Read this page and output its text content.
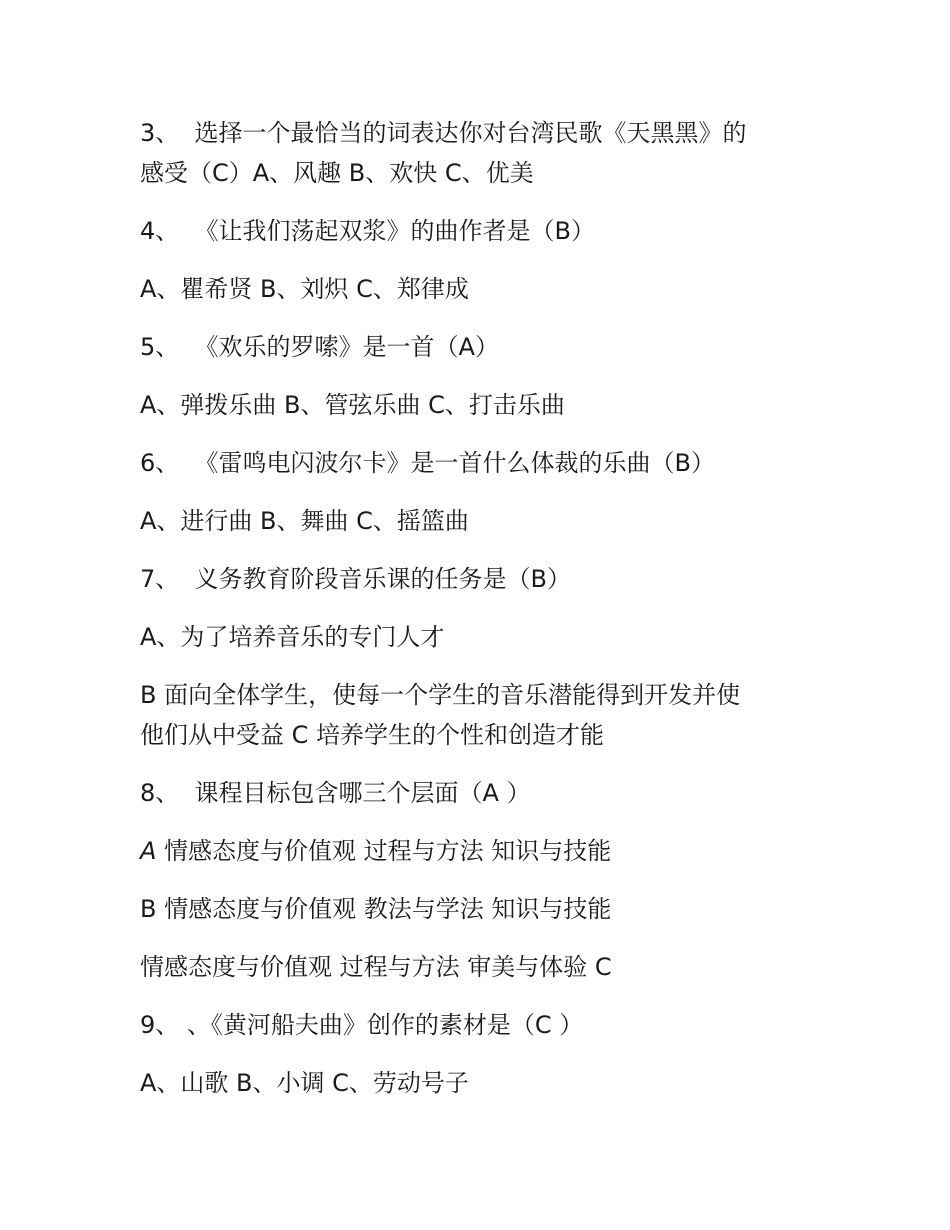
3、  选择一个最恰当的词表达你对台湾民歌《天黑黑》的
感受（C）A、风趣 B、欢快 C、优美

4、  《让我们荡起双浆》的曲作者是（B）

A、瞿希贤 B、刘炽 C、郑律成

5、  《欢乐的罗嗦》是一首（A）

A、弹拨乐曲 B、管弦乐曲 C、打击乐曲

6、  《雷鸣电闪波尔卡》是一首什么体裁的乐曲（B）

A、进行曲 B、舞曲 C、摇篮曲

7、  义务教育阶段音乐课的任务是（B）

A、为了培养音乐的专门人才

B 面向全体学生，使每一个学生的音乐潜能得到开发并使
他们从中受益 C 培养学生的个性和创造才能

8、  课程目标包含哪三个层面（A ）

A 情感态度与价值观 过程与方法 知识与技能

B 情感态度与价值观 教法与学法 知识与技能

情感态度与价值观 过程与方法 审美与体验 C

9、 、《黄河船夫曲》创作的素材是（C ）

A、山歌 B、小调 C、劳动号子
